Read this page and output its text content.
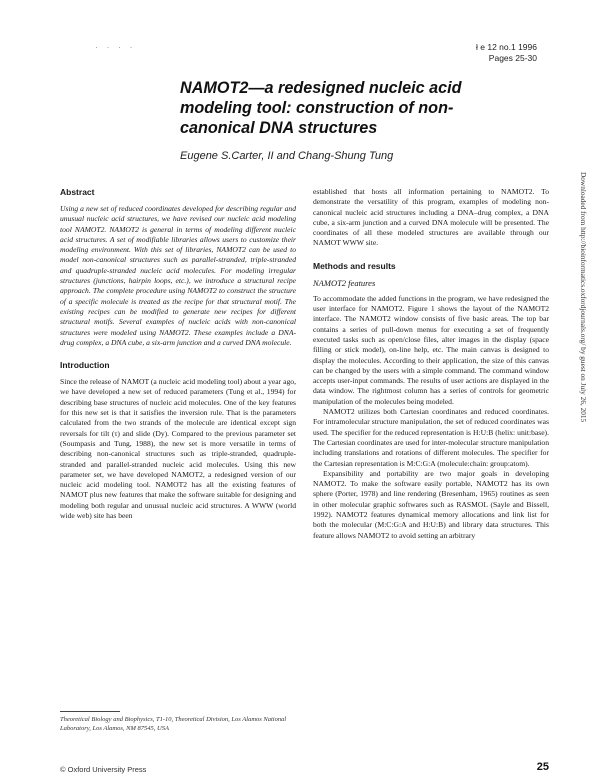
· · · ·	ł e 12 no.1 1996
Pages 25-30
NAMOT2—a redesigned nucleic acid modeling tool: construction of non-canonical DNA structures
Eugene S.Carter, II and Chang-Shung Tung
Abstract

Using a new set of reduced coordinates developed for describing regular and unusual nucleic acid structures, we have revised our nucleic acid modeling tool NAMOT2. NAMOT2 is general in terms of modeling different nucleic acid structures. A set of modifiable libraries allows users to customize their modeling environment. With this set of libraries, NAMOT2 can be used to model non-canonical structures such as parallel-stranded, triple-stranded and quadruple-stranded nucleic acid molecules. For modeling irregular structures (junctions, hairpin loops, etc.), we introduce a structural recipe approach. The complete procedure using NAMOT2 to construct the structure of a specific molecule is treated as the recipe for that structural motif. The existing recipes can be modified to generate new recipes for different structural motifs. Several examples of nucleic acids with non-canonical structures were modeled using NAMOT2. These examples include a DNA-drug complex, a DNA cube, a six-arm junction and a curved DNA molecule.

Introduction

Since the release of NAMOT (a nucleic acid modeling tool) about a year ago, we have developed a new set of reduced parameters (Tung et al., 1994) for describing base structures of nucleic acid molecules. One of the key features for this new set is that it satisfies the inversion rule. That is the parameters calculated from the two strands of the molecule are identical except sign reversals for tilt (τ) and slide (Dy). Compared to the previous parameter set (Soumpasis and Tung, 1988), the new set is more versatile in terms of describing non-canonical structures such as triple-stranded, quadruple-stranded and parallel-stranded nucleic acid molecules. Using this new parameter set, we have developed NAMOT2, a redesigned version of our nucleic acid modeling tool. NAMOT2 has all the existing features of NAMOT plus new features that make the software suitable for designing and modeling both regular and unusual nucleic acid structures. A WWW (world wide web) site has been

established that hosts all information pertaining to NAMOT2. To demonstrate the versatility of this program, examples of modeling non-canonical nucleic acid structures including a DNA–drug complex, a DNA cube, a six-arm junction and a curved DNA molecule will be presented. The coordinates of all these modeled structures are available through our NAMOT WWW site.

Methods and results
NAMOT2 features

To accommodate the added functions in the program, we have redesigned the user interface for NAMOT2. Figure 1 shows the layout of the NAMOT2 interface. The NAMOT2 window consists of five basic areas. The top bar contains a series of pull-down menus for executing a set of frequently executed tasks such as open/close files, alter images in the display (space filling or stick model), on-line help, etc. The main canvas is designed to display the molecules. According to their application, the size of this canvas can be changed by the users with a simple command. The command window accepts user-input commands. The results of user actions are displayed in the data window. The rightmost column has a series of controls for geometric manipulation of the molecules being modeled.

NAMOT2 utilizes both Cartesian coordinates and reduced coordinates. For intramolecular structure manipulation, the set of reduced coordinates was used. The specifier for the reduced representation is H:U:B (helix: unit:base). The Cartesian coordinates are used for inter-molecular structure manipulation including translations and rotations of different molecules. The specifier for the Cartesian representation is M:C:G:A (molecule:chain: group:atom).

Expansibility and portability are two major goals in developing NAMOT2. To make the software easily portable, NAMOT2 has its own sphere (Porter, 1978) and line rendering (Bresenham, 1965) routines as seen in other molecular graphic softwares such as RASMOL (Sayle and Bissell, 1992). NAMOT2 features dynamical memory allocations and link list for both the molecular (M:C:G:A and H:U:B) and library data structures. This feature allows NAMOT2 to avoid setting an arbitrary

Theoretical Biology and Biophysics, T1-10, Theoretical Division, Los Alamos National Laboratory, Los Alamos, NM 87545, USA
© Oxford University Press	25
Downloaded from http://bioinformatics.oxfordjournals.org/ by guest on July 26, 2015
